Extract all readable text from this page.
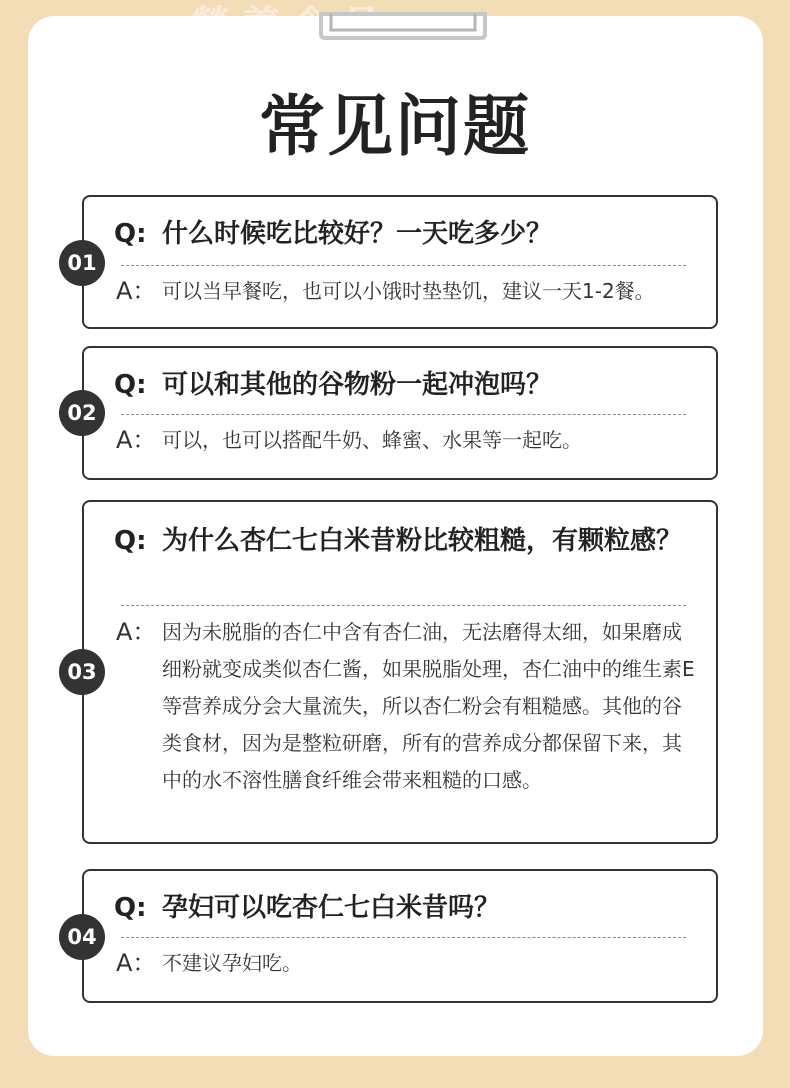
常见问题
Q: 什么时候吃比较好？一天吃多少？
A： 可以当早餐吃，也可以小饿时垫垫饥，建议一天1-2餐。
01
Q: 可以和其他的谷物粉一起冲泡吗？
A： 可以，也可以搭配牛奶、蜂蜜、水果等一起吃。
02
Q: 为什么杏仁七白米昔粉比较粗糙，有颗粒感？
A： 因为未脱脂的杏仁中含有杏仁油，无法磨得太细，如果磨成细粉就变成类似杏仁酱，如果脱脂处理，杏仁油中的维生素E等营养成分会大量流失，所以杏仁粉会有粗糙感。其他的谷类食材，因为是整粒研磨，所有的营养成分都保留下来，其中的水不溶性膳食纤维会带来粗糙的口感。
03
Q: 孕妇可以吃杏仁七白米昔吗？
A： 不建议孕妇吃。
04
